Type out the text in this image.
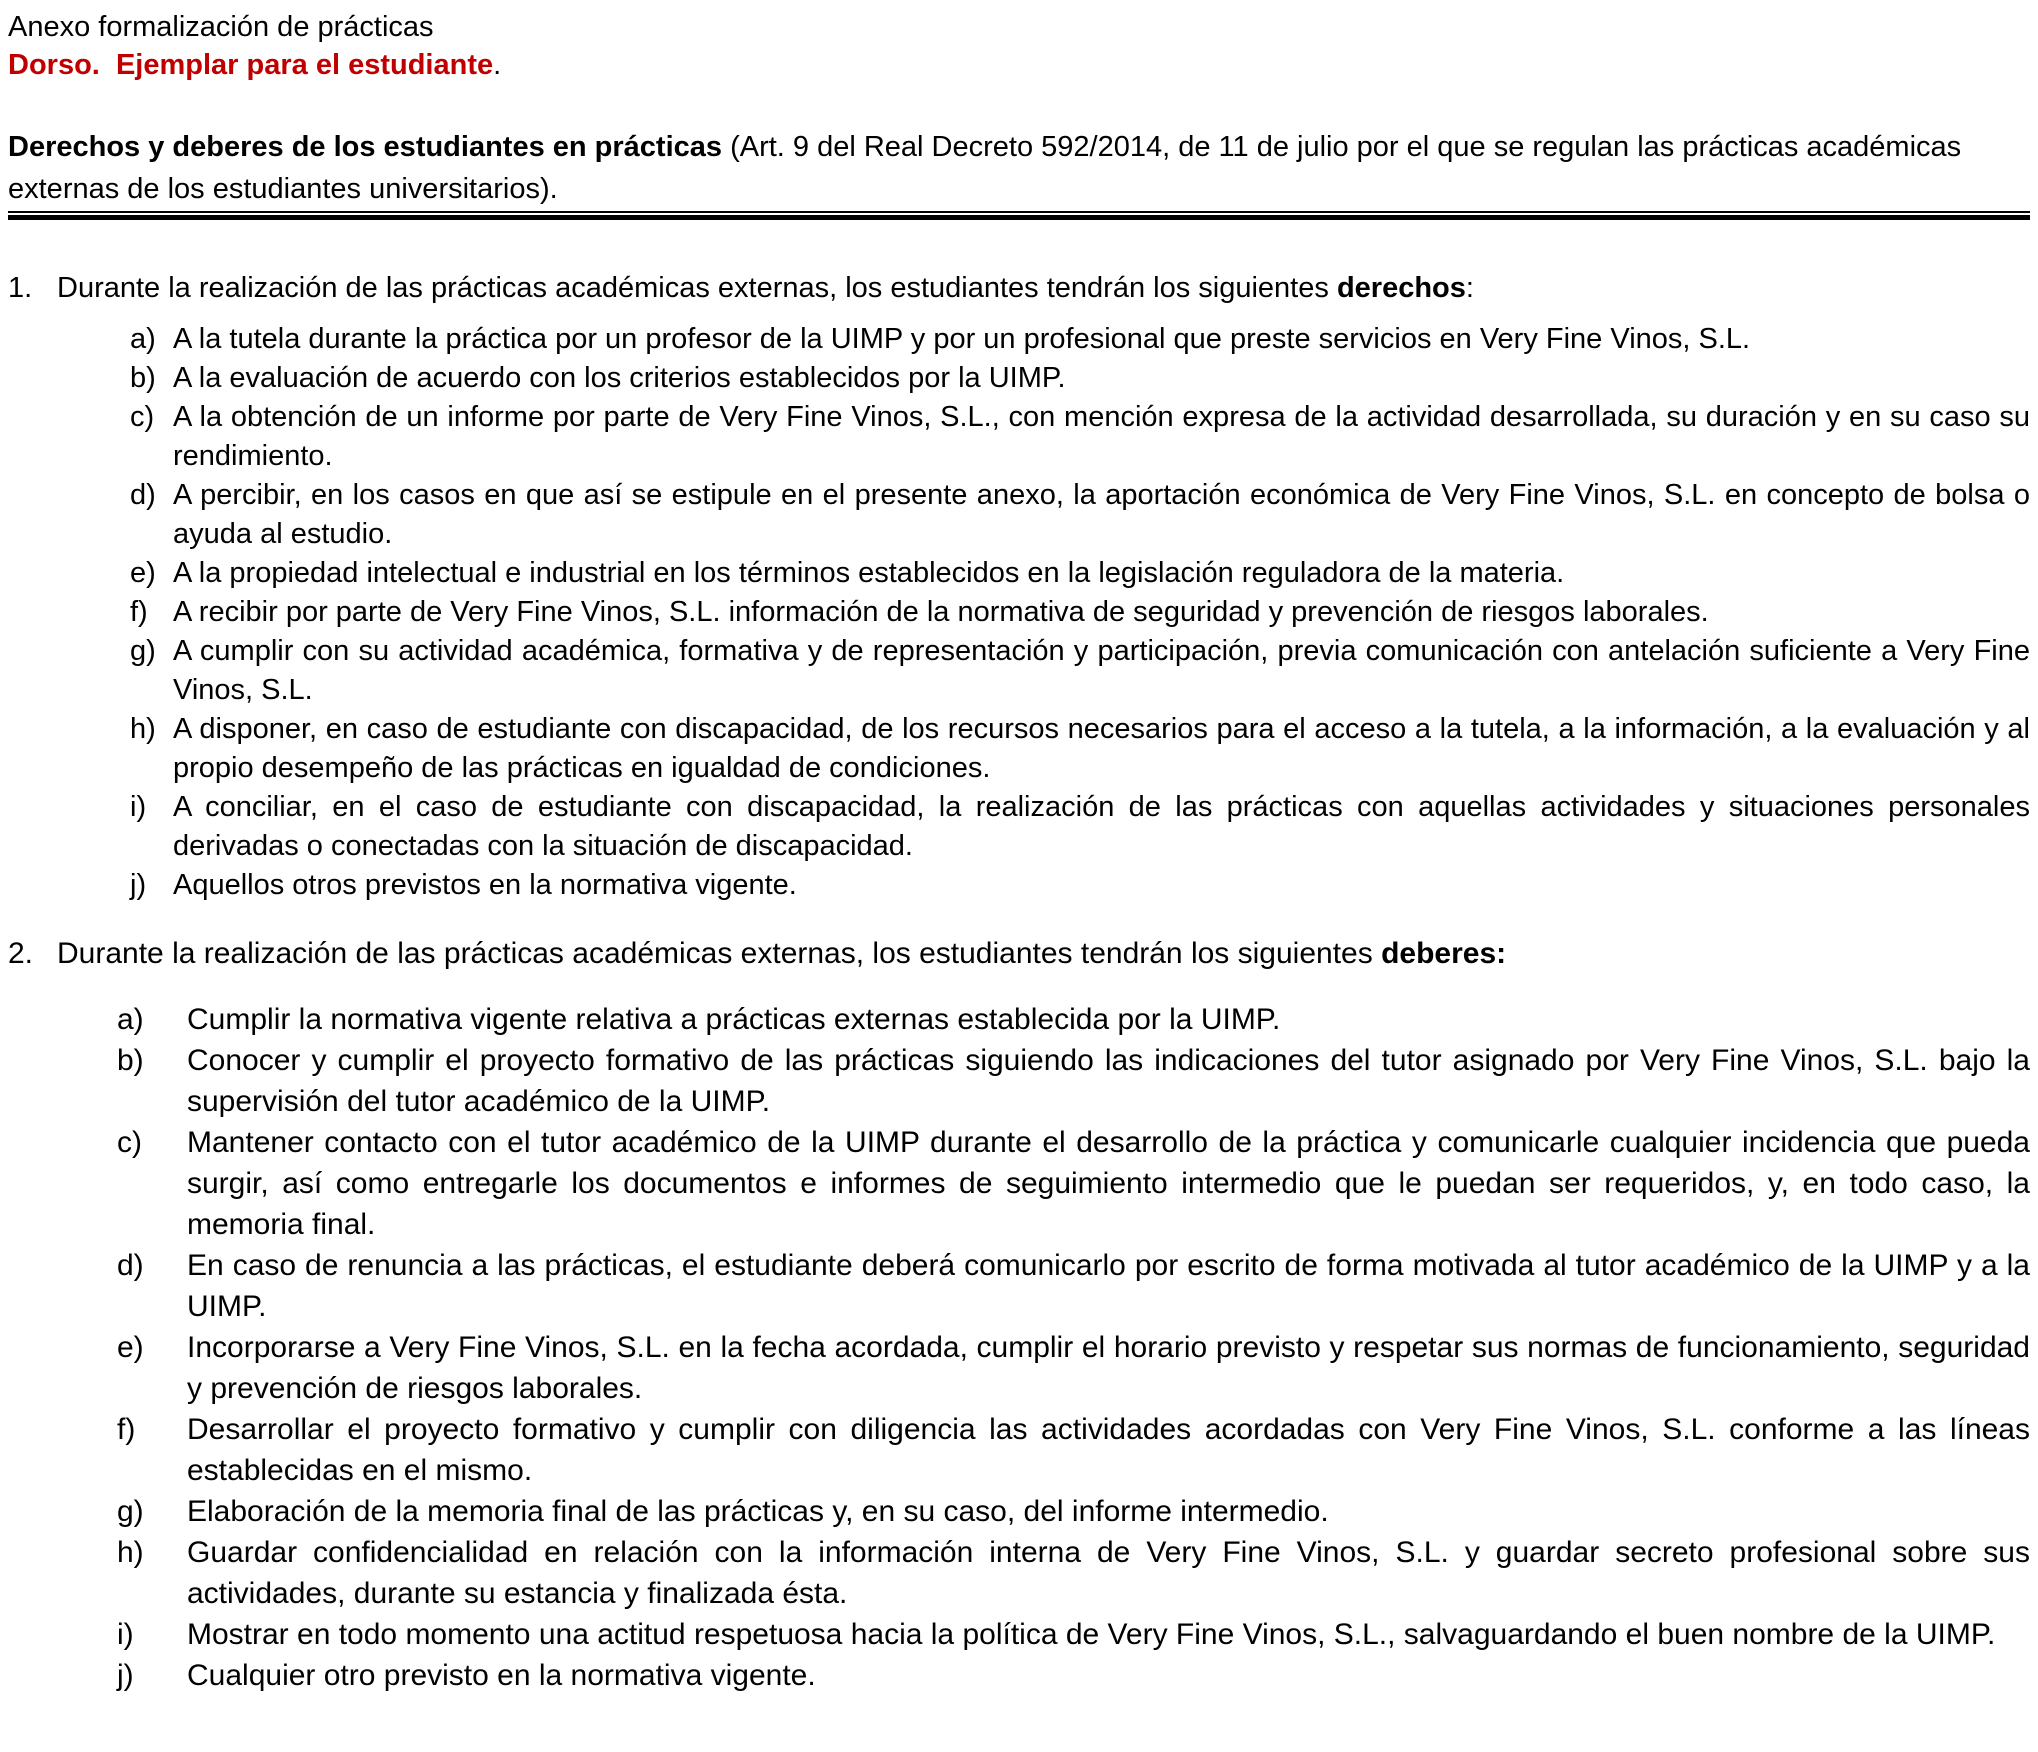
Anexo formalización de prácticas
Dorso.  Ejemplar para el estudiante.
Derechos y deberes de los estudiantes en prácticas (Art. 9 del Real Decreto 592/2014, de 11 de julio por el que se regulan las prácticas académicas externas de los estudiantes universitarios).
1. Durante la realización de las prácticas académicas externas, los estudiantes tendrán los siguientes derechos:
a) A la tutela durante la práctica por un profesor de la UIMP y por un profesional que preste servicios en Very Fine Vinos, S.L.
b) A la evaluación de acuerdo con los criterios establecidos por la UIMP.
c) A la obtención de un informe por parte de Very Fine Vinos, S.L., con mención expresa de la actividad desarrollada, su duración y en su caso su rendimiento.
d) A percibir, en los casos en que así se estipule en el presente anexo, la aportación económica de Very Fine Vinos, S.L. en concepto de bolsa o ayuda al estudio.
e) A la propiedad intelectual e industrial en los términos establecidos en la legislación reguladora de la materia.
f) A recibir por parte de Very Fine Vinos, S.L. información de la normativa de seguridad y prevención de riesgos laborales.
g) A cumplir con su actividad académica, formativa y de representación y participación, previa comunicación con antelación suficiente a Very Fine Vinos, S.L.
h) A disponer, en caso de estudiante con discapacidad, de los recursos necesarios para el acceso a la tutela, a la información, a la evaluación y al propio desempeño de las prácticas en igualdad de condiciones.
i) A conciliar, en el caso de estudiante con discapacidad, la realización de las prácticas con aquellas actividades y situaciones personales derivadas o conectadas con la situación de discapacidad.
j) Aquellos otros previstos en la normativa vigente.
2. Durante la realización de las prácticas académicas externas, los estudiantes tendrán los siguientes deberes:
a) Cumplir la normativa vigente relativa a prácticas externas establecida por la UIMP.
b) Conocer y cumplir el proyecto formativo de las prácticas siguiendo las indicaciones del tutor asignado por Very Fine Vinos, S.L. bajo la supervisión del tutor académico de la UIMP.
c) Mantener contacto con el tutor académico de la UIMP durante el desarrollo de la práctica y comunicarle cualquier incidencia que pueda surgir, así como entregarle los documentos e informes de seguimiento intermedio que le puedan ser requeridos, y, en todo caso, la memoria final.
d) En caso de renuncia a las prácticas, el estudiante deberá comunicarlo por escrito de forma motivada al tutor académico de la UIMP y a la UIMP.
e) Incorporarse a Very Fine Vinos, S.L. en la fecha acordada, cumplir el horario previsto y respetar sus normas de funcionamiento, seguridad y prevención de riesgos laborales.
f) Desarrollar el proyecto formativo y cumplir con diligencia las actividades acordadas con Very Fine Vinos, S.L. conforme a las líneas establecidas en el mismo.
g) Elaboración de la memoria final de las prácticas y, en su caso, del informe intermedio.
h) Guardar confidencialidad en relación con la información interna de Very Fine Vinos, S.L. y guardar secreto profesional sobre sus actividades, durante su estancia y finalizada ésta.
i) Mostrar en todo momento una actitud respetuosa hacia la política de Very Fine Vinos, S.L., salvaguardando el buen nombre de la UIMP.
j) Cualquier otro previsto en la normativa vigente.
